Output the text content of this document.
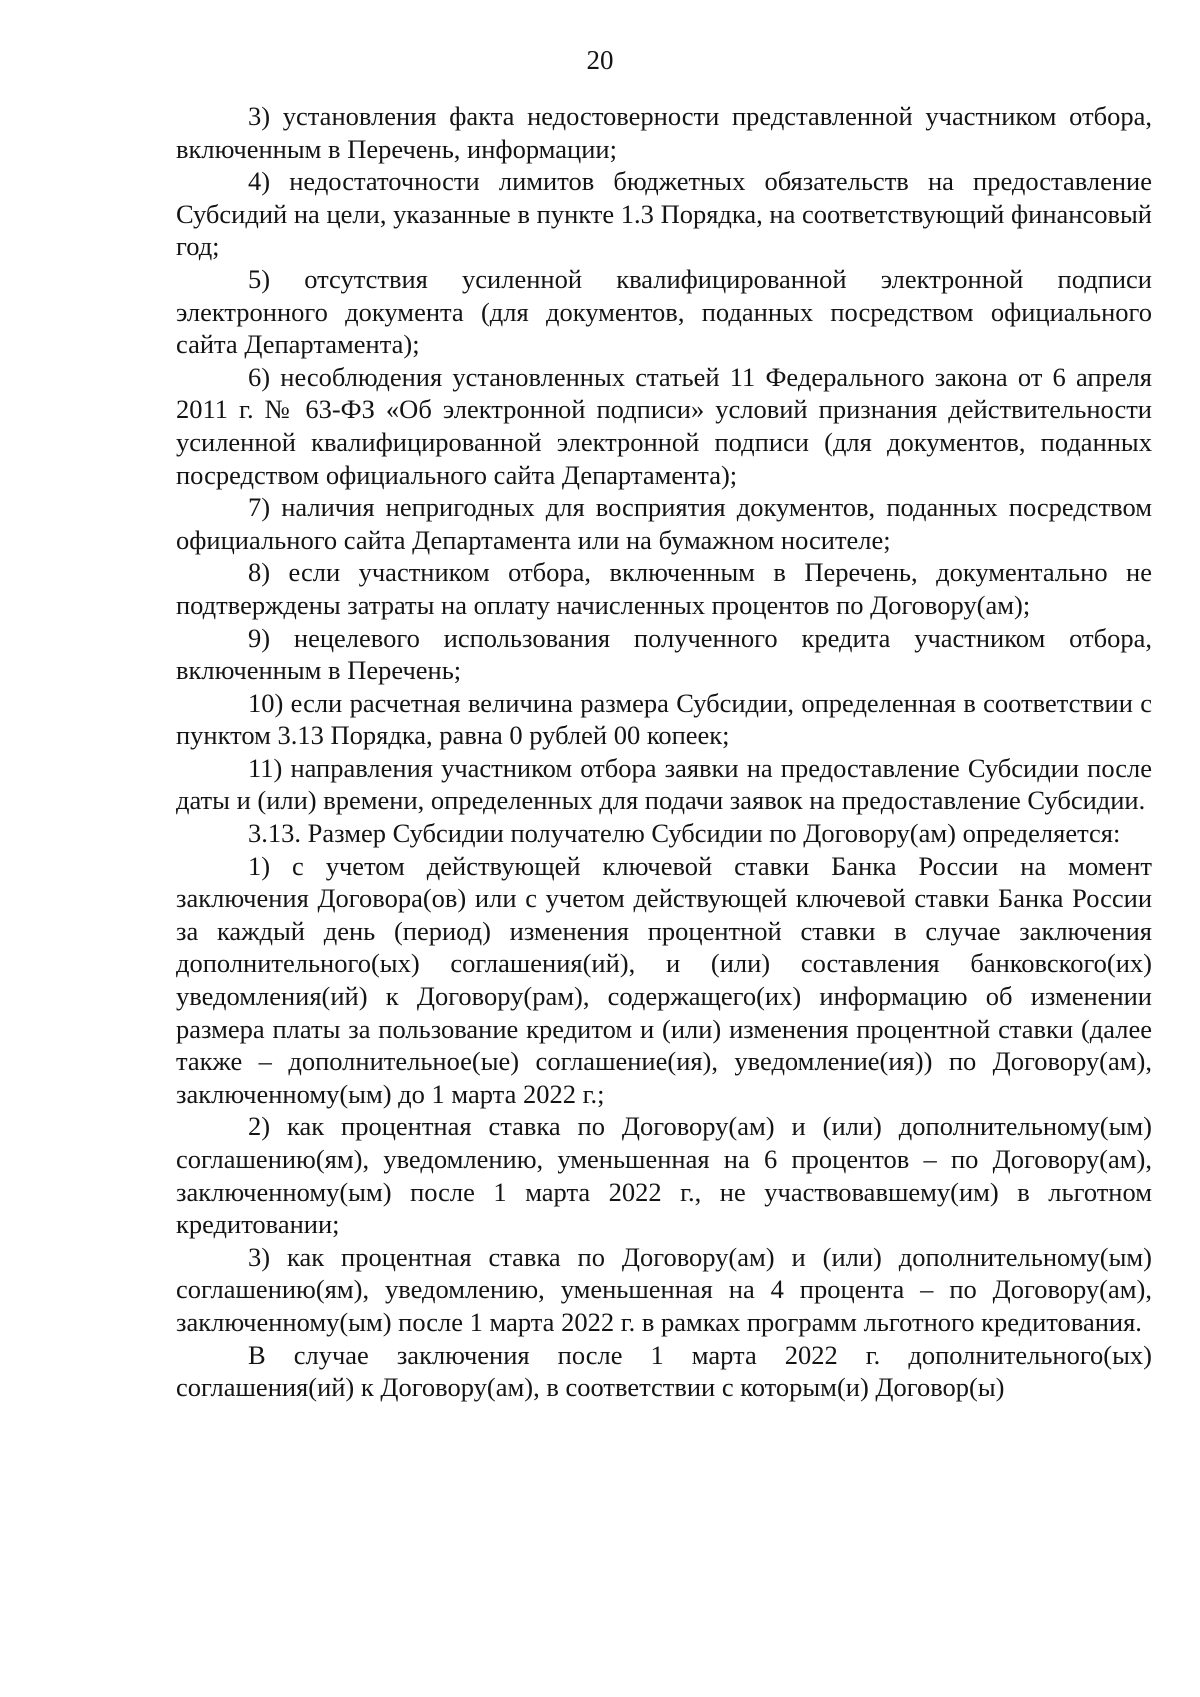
20

3) установления факта недостоверности представленной участником отбора, включенным в Перечень, информации;

4) недостаточности лимитов бюджетных обязательств на предоставление Субсидий на цели, указанные в пункте 1.3 Порядка, на соответствующий финансовый год;

5) отсутствия усиленной квалифицированной электронной подписи электронного документа (для документов, поданных посредством официального сайта Департамента);

6) несоблюдения установленных статьей 11 Федерального закона от 6 апреля 2011 г. № 63-ФЗ «Об электронной подписи» условий признания действительности усиленной квалифицированной электронной подписи (для документов, поданных посредством официального сайта Департамента);

7) наличия непригодных для восприятия документов, поданных посредством официального сайта Департамента или на бумажном носителе;

8) если участником отбора, включенным в Перечень, документально не подтверждены затраты на оплату начисленных процентов по Договору(ам);

9) нецелевого использования полученного кредита участником отбора, включенным в Перечень;

10) если расчетная величина размера Субсидии, определенная в соответствии с пунктом 3.13 Порядка, равна 0 рублей 00 копеек;

11) направления участником отбора заявки на предоставление Субсидии после даты и (или) времени, определенных для подачи заявок на предоставление Субсидии.

3.13. Размер Субсидии получателю Субсидии по Договору(ам) определяется:

1) с учетом действующей ключевой ставки Банка России на момент заключения Договора(ов) или с учетом действующей ключевой ставки Банка России за каждый день (период) изменения процентной ставки в случае заключения дополнительного(ых) соглашения(ий), и (или) составления банковского(их) уведомления(ий) к Договору(рам), содержащего(их) информацию об изменении размера платы за пользование кредитом и (или) изменения процентной ставки (далее также – дополнительное(ые) соглашение(ия), уведомление(ия)) по Договору(ам), заключенному(ым) до 1 марта 2022 г.;

2) как процентная ставка по Договору(ам) и (или) дополнительному(ым) соглашению(ям), уведомлению, уменьшенная на 6 процентов – по Договору(ам), заключенному(ым) после 1 марта 2022 г., не участвовавшему(им) в льготном кредитовании;

3) как процентная ставка по Договору(ам) и (или) дополнительному(ым) соглашению(ям), уведомлению, уменьшенная на 4 процента – по Договору(ам), заключенному(ым) после 1 марта 2022 г. в рамках программ льготного кредитования.

В случае заключения после 1 марта 2022 г. дополнительного(ых) соглашения(ий) к Договору(ам), в соответствии с которым(и) Договор(ы)
